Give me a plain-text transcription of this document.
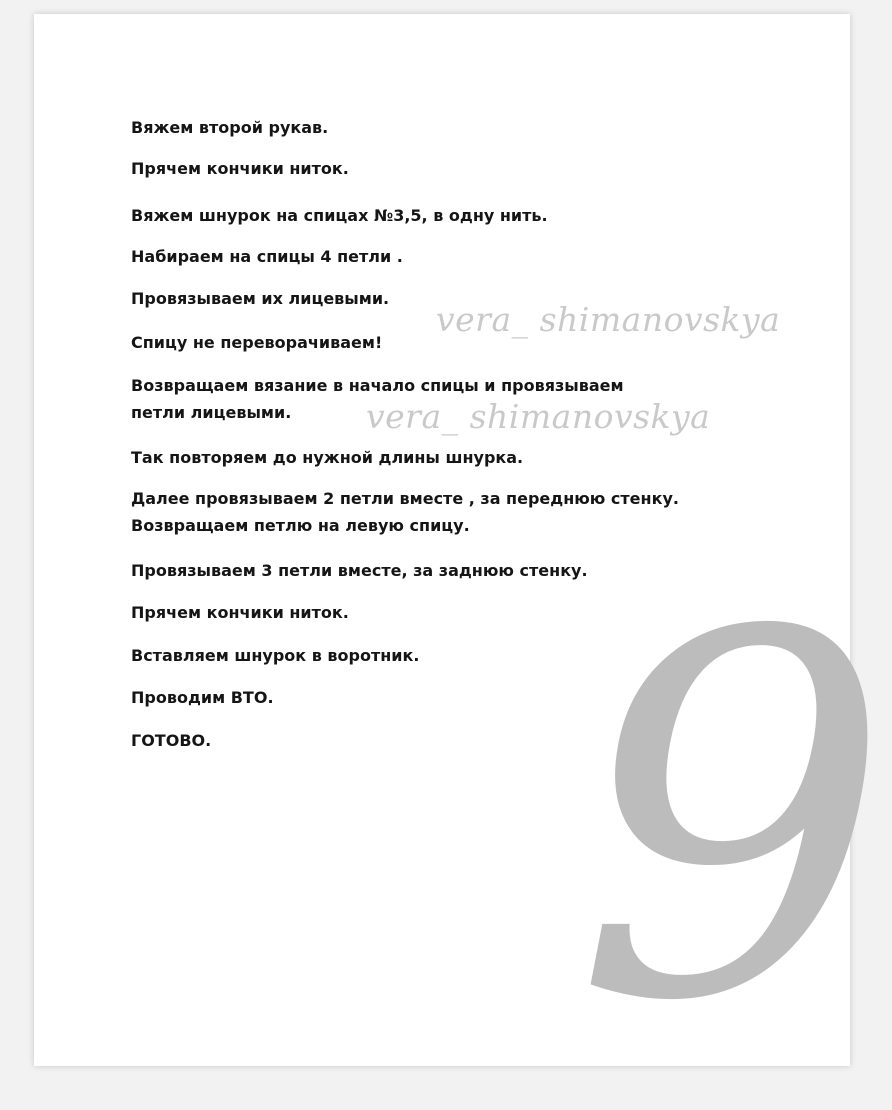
Вяжем второй рукав.

Прячем кончики ниток.

Вяжем шнурок на спицах №3,5, в одну нить.

Набираем на спицы 4 петли .

Провязываем их лицевыми.

Спицу не переворачиваем!

Возвращаем вязание в начало спицы и провязываем

петли лицевыми.

Так повторяем до нужной длины шнурка.

Далее провязываем 2 петли вместе , за переднюю стенку.

Возвращаем петлю на левую спицу.

Провязываем 3 петли вместе, за заднюю стенку.

Прячем кончики ниток.

Вставляем шнурок в воротник.

Проводим ВТО.

ГОТОВО.

vera_ shimanovskya
vera_ shimanovskya
9
